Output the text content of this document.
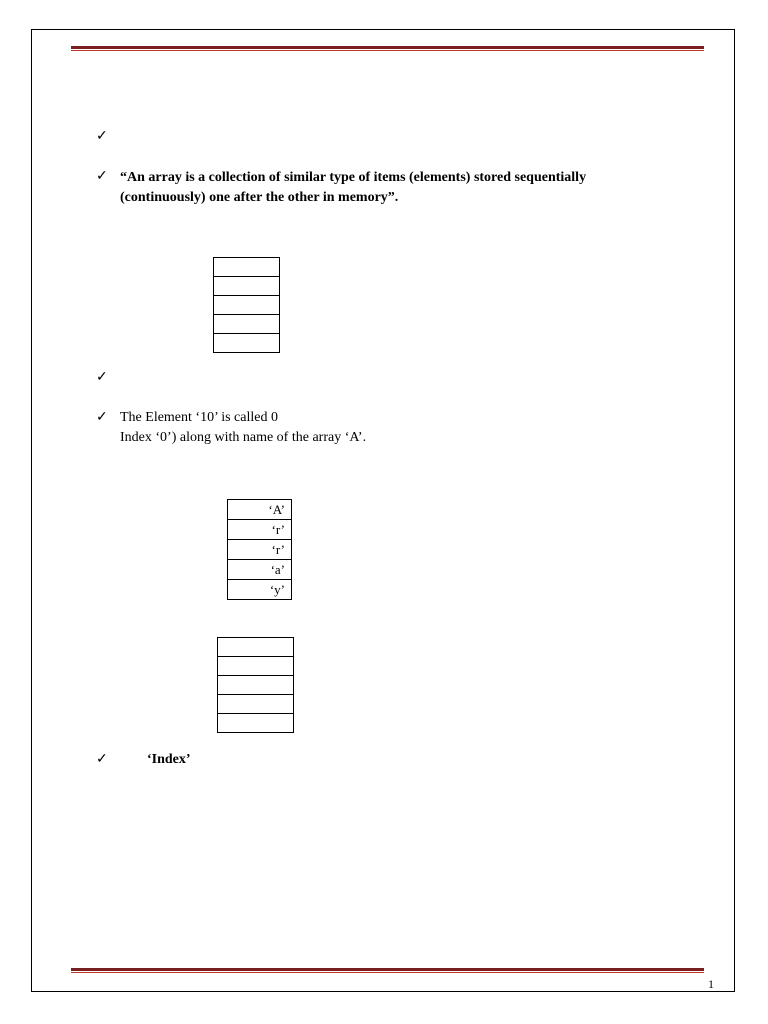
✓
✓ “An array is a collection of similar type of items (elements) stored sequentially
(continuously) one after the other in memory”.

✓
✓ The Element ‘10’ is called 0
Index ‘0’) along with name of the array ‘A’.
‘A’
‘r’
‘r’
‘a’
‘y’

✓	‘Index’
1
